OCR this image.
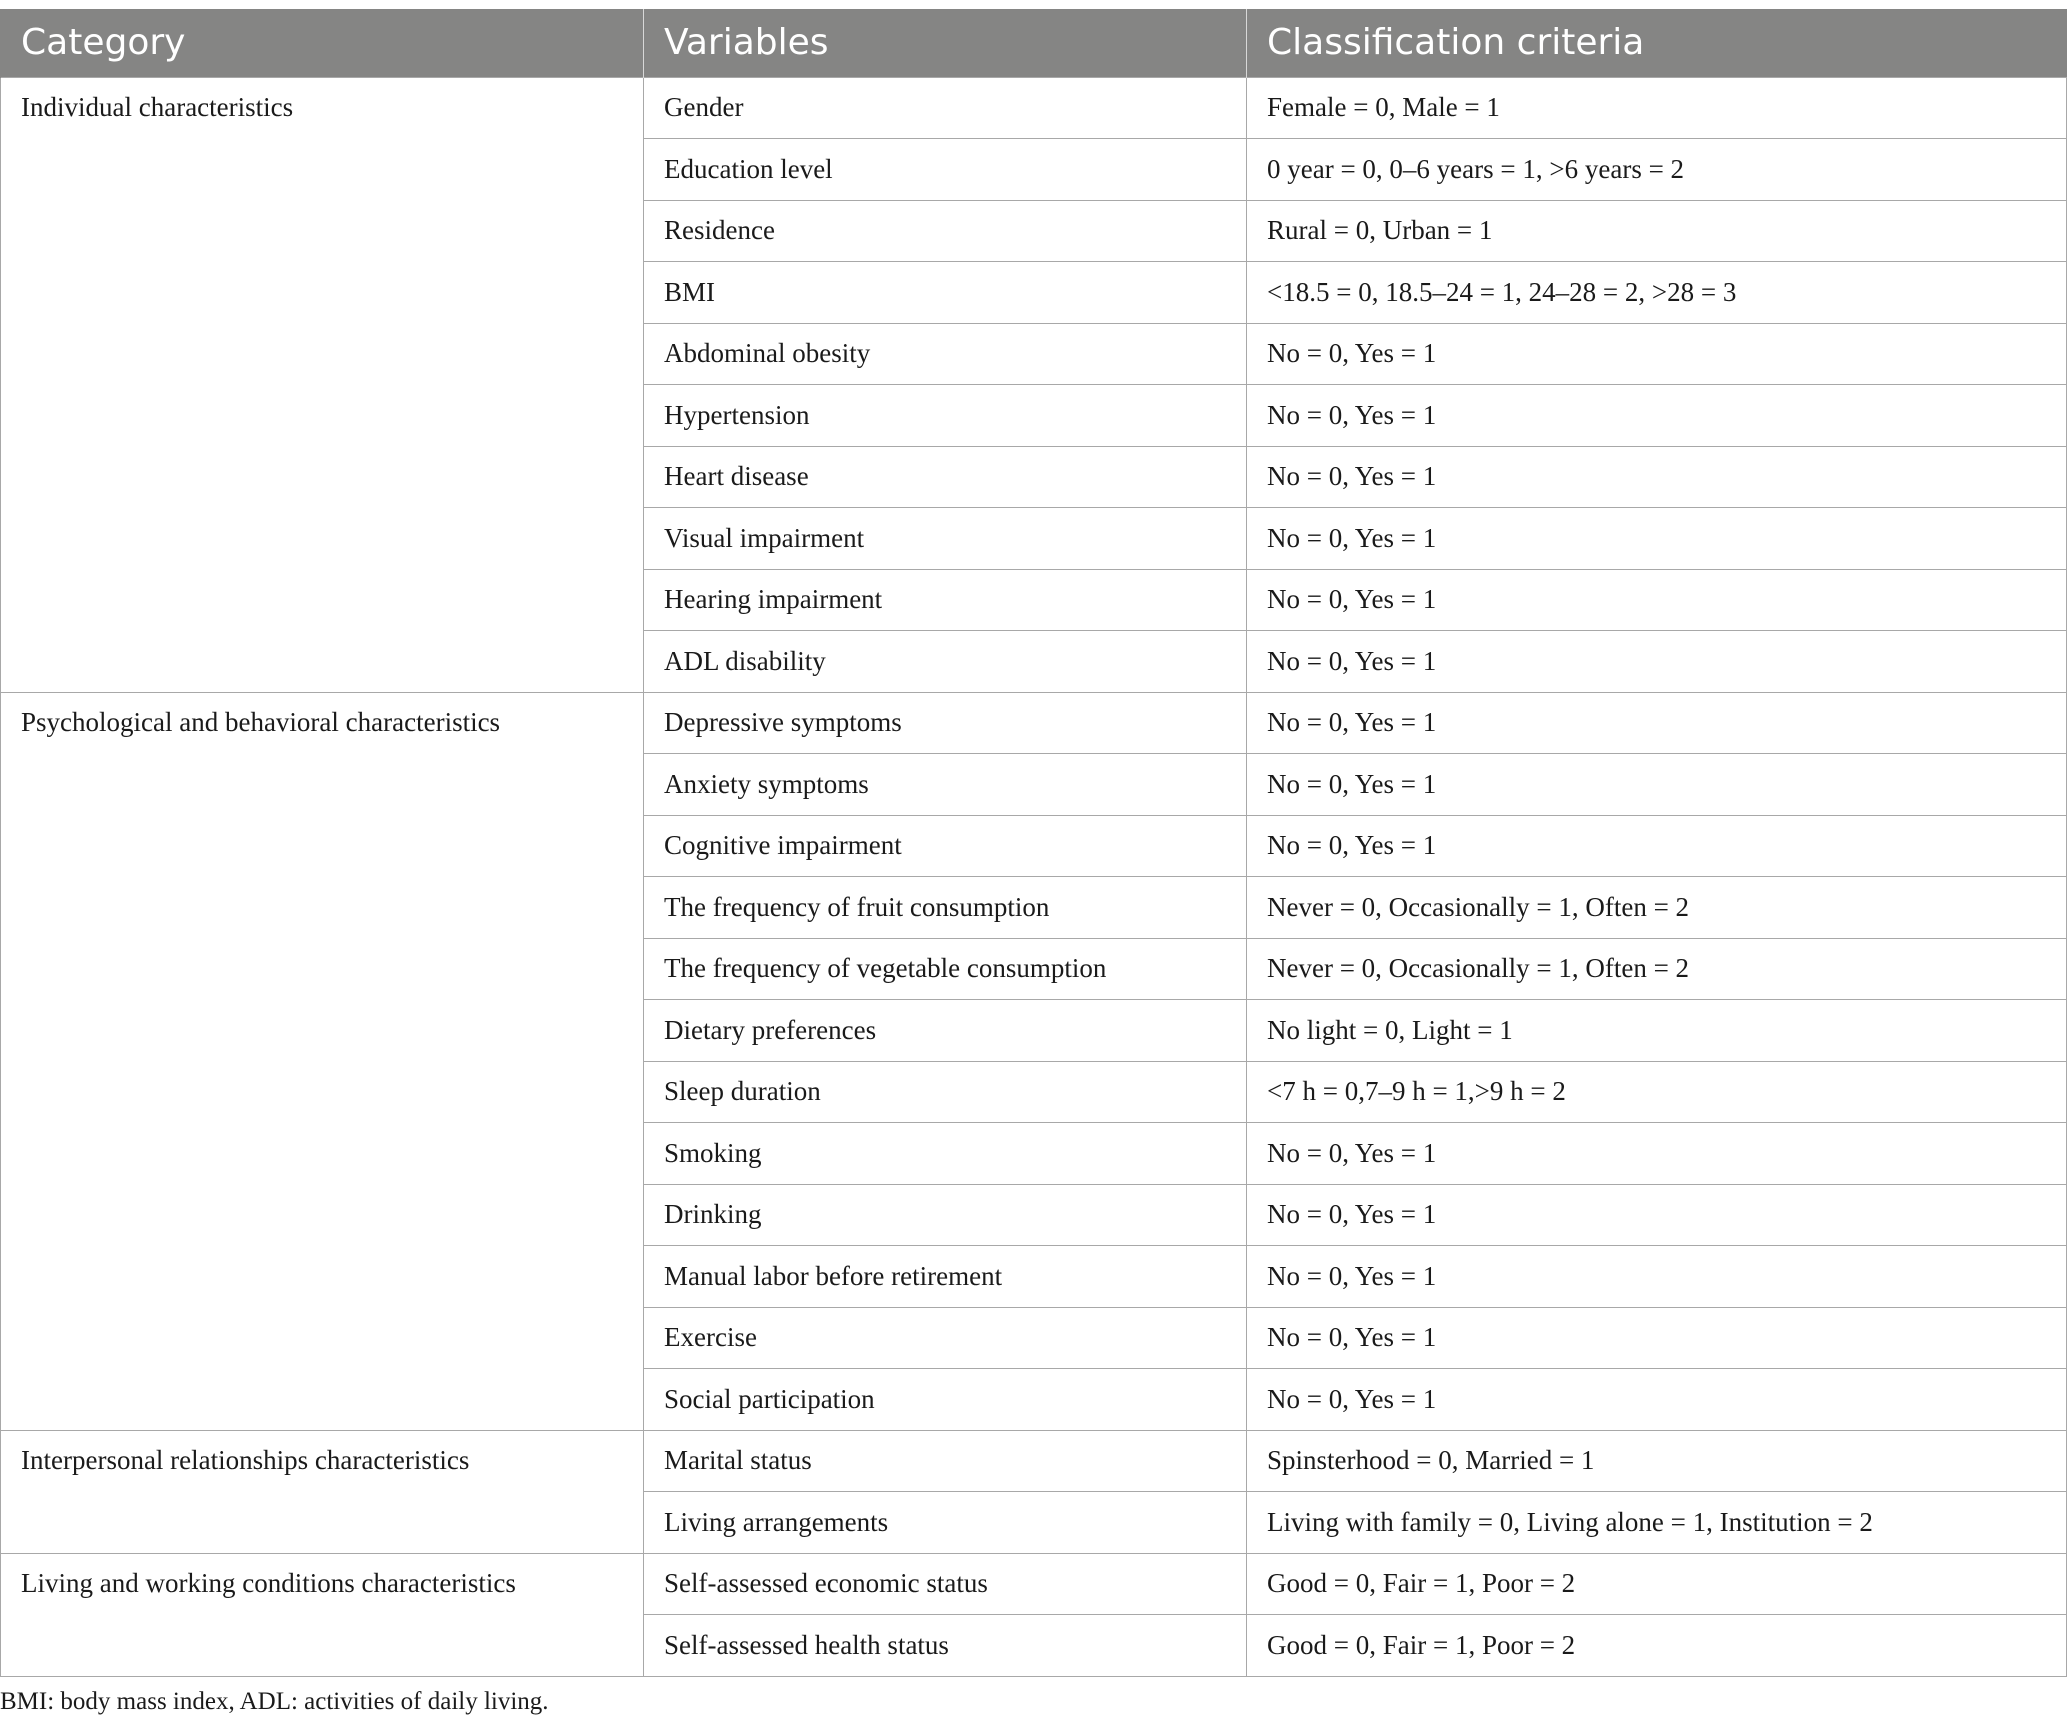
Category	Variables	Classification criteria
Individual characteristics	Gender	Female = 0, Male = 1
	Education level	0 year = 0, 0–6 years = 1, >6 years = 2
	Residence	Rural = 0, Urban = 1
	BMI	<18.5 = 0, 18.5–24 = 1, 24–28 = 2, >28 = 3
	Abdominal obesity	No = 0, Yes = 1
	Hypertension	No = 0, Yes = 1
	Heart disease	No = 0, Yes = 1
	Visual impairment	No = 0, Yes = 1
	Hearing impairment	No = 0, Yes = 1
	ADL disability	No = 0, Yes = 1
Psychological and behavioral characteristics	Depressive symptoms	No = 0, Yes = 1
	Anxiety symptoms	No = 0, Yes = 1
	Cognitive impairment	No = 0, Yes = 1
	The frequency of fruit consumption	Never = 0, Occasionally = 1, Often = 2
	The frequency of vegetable consumption	Never = 0, Occasionally = 1, Often = 2
	Dietary preferences	No light = 0, Light = 1
	Sleep duration	<7 h = 0,7–9 h = 1,>9 h = 2
	Smoking	No = 0, Yes = 1
	Drinking	No = 0, Yes = 1
	Manual labor before retirement	No = 0, Yes = 1
	Exercise	No = 0, Yes = 1
	Social participation	No = 0, Yes = 1
Interpersonal relationships characteristics	Marital status	Spinsterhood = 0, Married = 1
	Living arrangements	Living with family = 0, Living alone = 1, Institution = 2
Living and working conditions characteristics	Self-assessed economic status	Good = 0, Fair = 1, Poor = 2
	Self-assessed health status	Good = 0, Fair = 1, Poor = 2
BMI: body mass index, ADL: activities of daily living.
